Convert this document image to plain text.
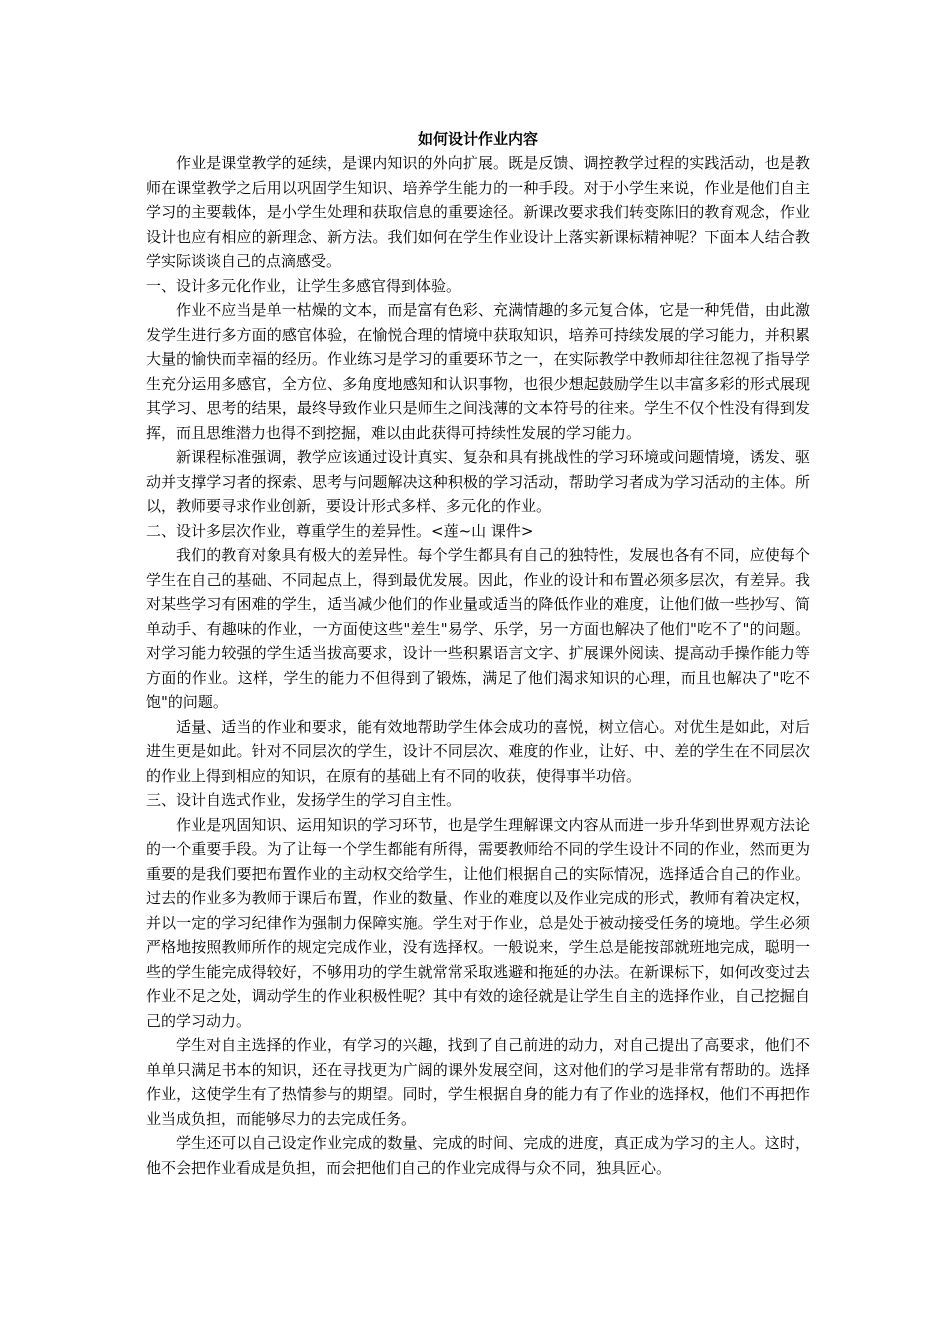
如何设计作业内容

作业是课堂教学的延续，是课内知识的外向扩展。既是反馈、调控教学过程的实践活动，也是教师在课堂教学之后用以巩固学生知识、培养学生能力的一种手段。对于小学生来说，作业是他们自主学习的主要载体，是小学生处理和获取信息的重要途径。新课改要求我们转变陈旧的教育观念，作业设计也应有相应的新理念、新方法。我们如何在学生作业设计上落实新课标精神呢？下面本人结合教学实际谈谈自己的点滴感受。

一、设计多元化作业，让学生多感官得到体验。

作业不应当是单一枯燥的文本，而是富有色彩、充满情趣的多元复合体，它是一种凭借，由此激发学生进行多方面的感官体验，在愉悦合理的情境中获取知识，培养可持续发展的学习能力，并积累大量的愉快而幸福的经历。作业练习是学习的重要环节之一，在实际教学中教师却往往忽视了指导学生充分运用多感官，全方位、多角度地感知和认识事物，也很少想起鼓励学生以丰富多彩的形式展现其学习、思考的结果，最终导致作业只是师生之间浅薄的文本符号的往来。学生不仅个性没有得到发挥，而且思维潜力也得不到挖掘，难以由此获得可持续性发展的学习能力。

新课程标准强调，教学应该通过设计真实、复杂和具有挑战性的学习环境或问题情境，诱发、驱动并支撑学习者的探索、思考与问题解决这种积极的学习活动，帮助学习者成为学习活动的主体。所以，教师要寻求作业创新，要设计形式多样、多元化的作业。

二、设计多层次作业，尊重学生的差异性。<莲~山 课件>

我们的教育对象具有极大的差异性。每个学生都具有自己的独特性，发展也各有不同，应使每个学生在自己的基础、不同起点上，得到最优发展。因此，作业的设计和布置必须多层次，有差异。我对某些学习有困难的学生，适当减少他们的作业量或适当的降低作业的难度，让他们做一些抄写、简单动手、有趣味的作业，一方面使这些"差生"易学、乐学，另一方面也解决了他们"吃不了"的问题。对学习能力较强的学生适当拔高要求，设计一些积累语言文字、扩展课外阅读、提高动手操作能力等方面的作业。这样，学生的能力不但得到了锻炼，满足了他们渴求知识的心理，而且也解决了"吃不饱"的问题。

适量、适当的作业和要求，能有效地帮助学生体会成功的喜悦，树立信心。对优生是如此，对后进生更是如此。针对不同层次的学生，设计不同层次、难度的作业，让好、中、差的学生在不同层次的作业上得到相应的知识，在原有的基础上有不同的收获，使得事半功倍。

三、设计自选式作业，发扬学生的学习自主性。

作业是巩固知识、运用知识的学习环节，也是学生理解课文内容从而进一步升华到世界观方法论的一个重要手段。为了让每一个学生都能有所得，需要教师给不同的学生设计不同的作业，然而更为重要的是我们要把布置作业的主动权交给学生，让他们根据自己的实际情况，选择适合自己的作业。过去的作业多为教师于课后布置，作业的数量、作业的难度以及作业完成的形式，教师有着决定权，并以一定的学习纪律作为强制力保障实施。学生对于作业，总是处于被动接受任务的境地。学生必须严格地按照教师所作的规定完成作业，没有选择权。一般说来，学生总是能按部就班地完成，聪明一些的学生能完成得较好，不够用功的学生就常常采取逃避和拖延的办法。在新课标下，如何改变过去作业不足之处，调动学生的作业积极性呢？其中有效的途径就是让学生自主的选择作业，自己挖掘自己的学习动力。

学生对自主选择的作业，有学习的兴趣，找到了自己前进的动力，对自己提出了高要求，他们不单单只满足书本的知识，还在寻找更为广阔的课外发展空间，这对他们的学习是非常有帮助的。选择作业，这使学生有了热情参与的期望。同时，学生根据自身的能力有了作业的选择权，他们不再把作业当成负担，而能够尽力的去完成任务。

学生还可以自己设定作业完成的数量、完成的时间、完成的进度，真正成为学习的主人。这时，他不会把作业看成是负担，而会把他们自己的作业完成得与众不同，独具匠心。
